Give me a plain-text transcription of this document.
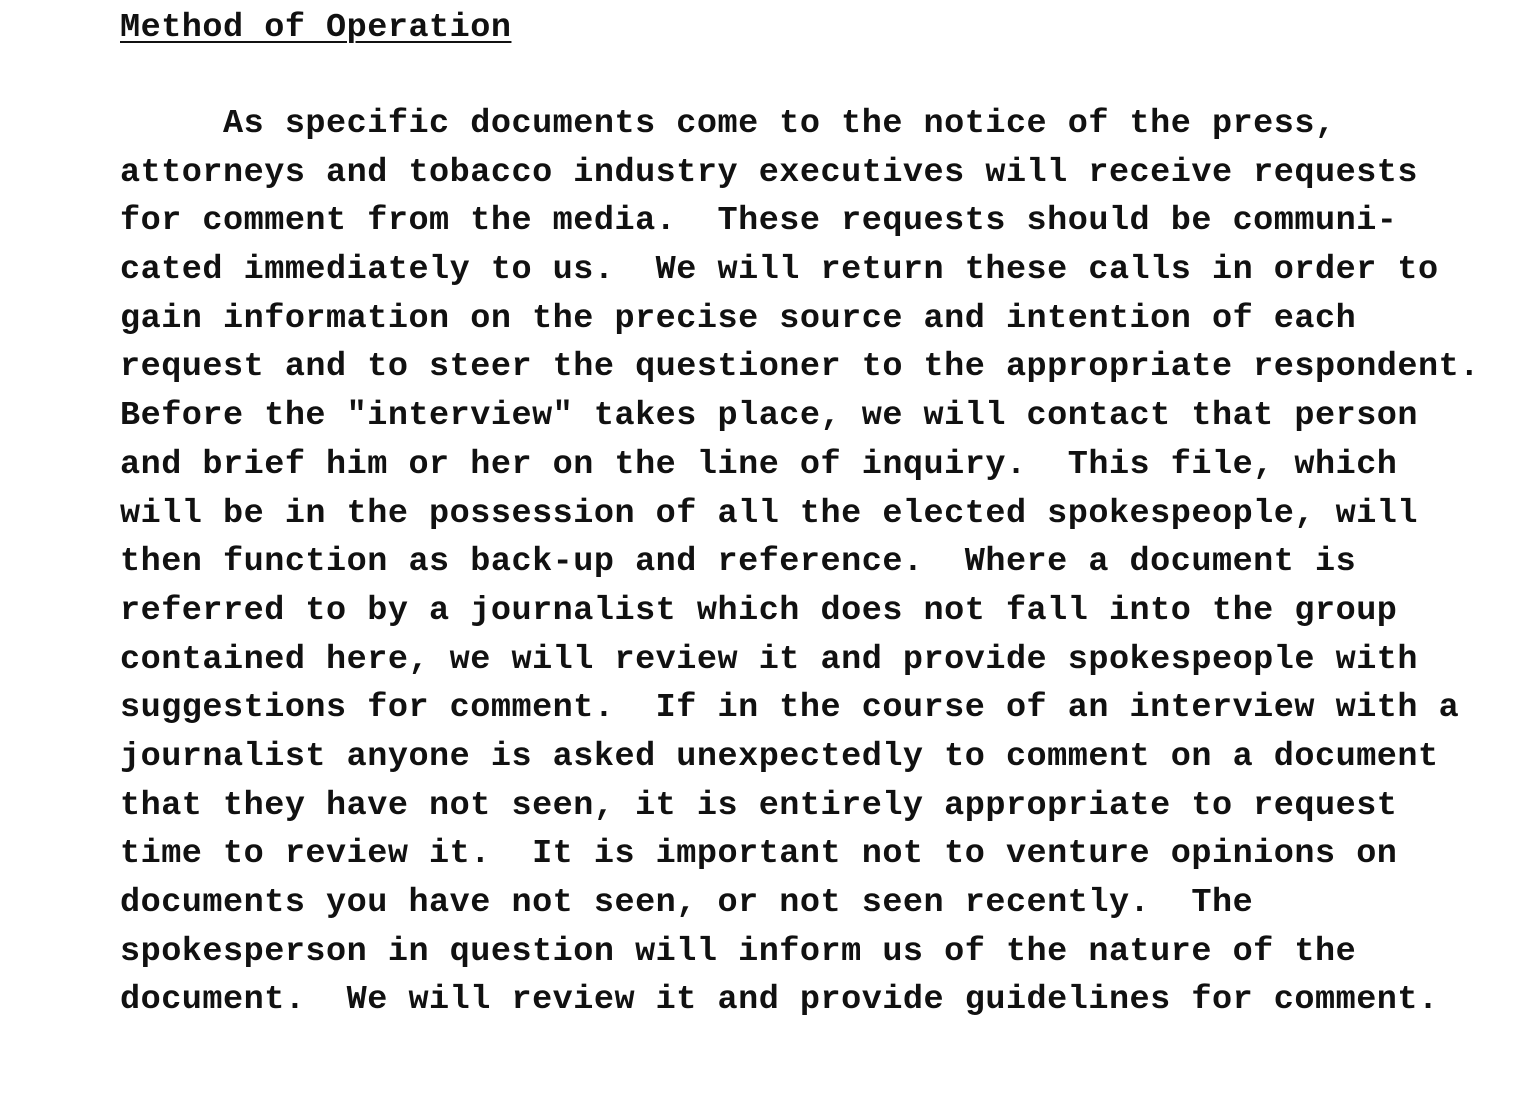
Method of Operation
As specific documents come to the notice of the press,
attorneys and tobacco industry executives will receive requests
for comment from the media.  These requests should be communi-
cated immediately to us.  We will return these calls in order to
gain information on the precise source and intention of each
request and to steer the questioner to the appropriate respondent.
Before the "interview" takes place, we will contact that person
and brief him or her on the line of inquiry.  This file, which
will be in the possession of all the elected spokespeople, will
then function as back-up and reference.  Where a document is
referred to by a journalist which does not fall into the group
contained here, we will review it and provide spokespeople with
suggestions for comment.  If in the course of an interview with a
journalist anyone is asked unexpectedly to comment on a document
that they have not seen, it is entirely appropriate to request
time to review it.  It is important not to venture opinions on
documents you have not seen, or not seen recently.  The
spokesperson in question will inform us of the nature of the
document.  We will review it and provide guidelines for comment.
